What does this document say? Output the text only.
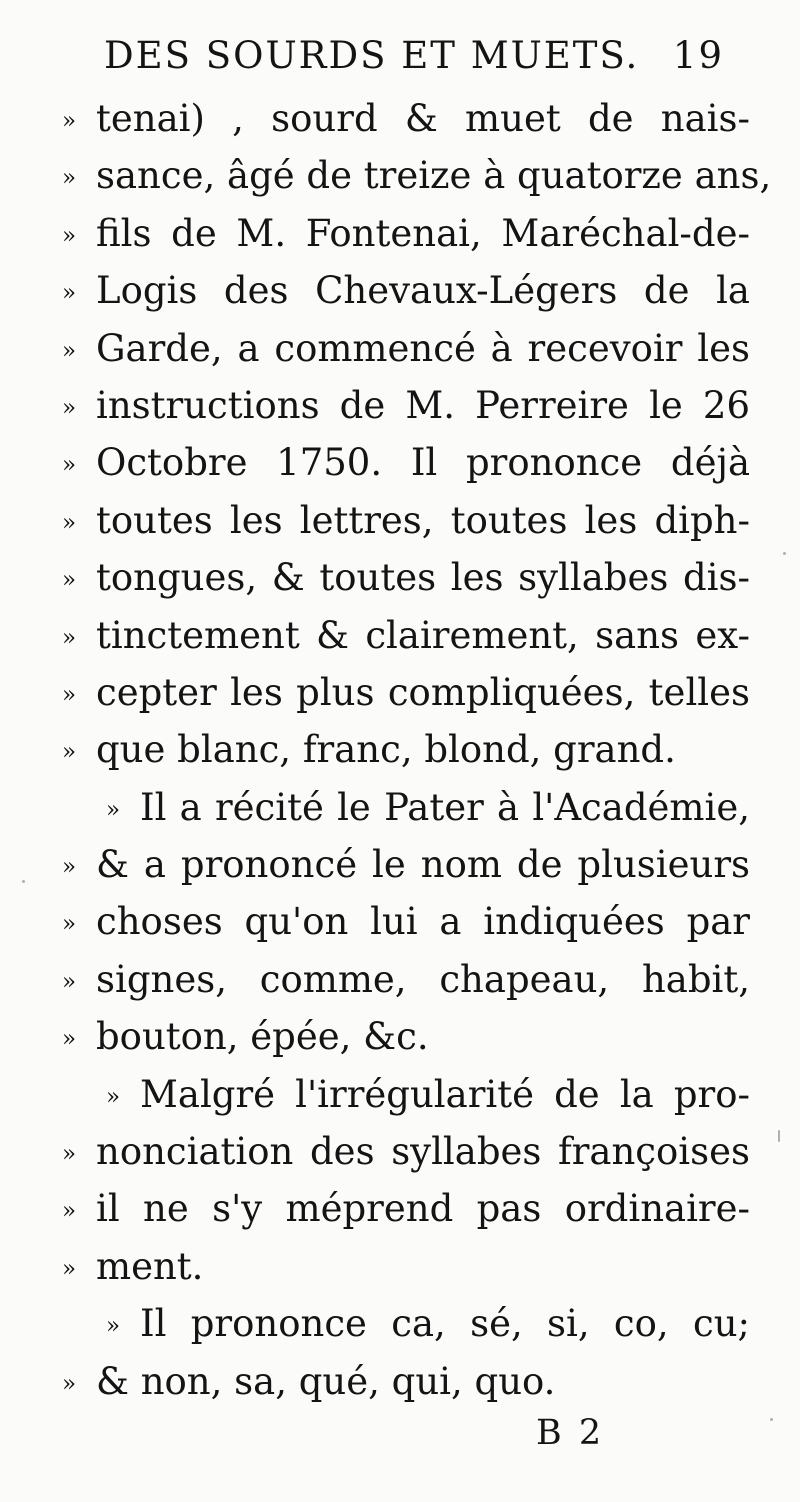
DES SOURDS ET MUETS. 19
» tenai) , sourd & muet de nais-
» sance, âgé de treize à quatorze ans,
» fils de M. Fontenai, Maréchal-de-
» Logis des Chevaux-Légers de la
» Garde, a commencé à recevoir les
» instructions de M. Perreire le 26
» Octobre 1750. Il prononce déjà
» toutes les lettres, toutes les diph-
» tongues, & toutes les syllabes dis-
» tinctement & clairement, sans ex-
» cepter les plus compliquées, telles
» que blanc, franc, blond, grand.
» Il a récité le Pater à l'Académie,
» & a prononcé le nom de plusieurs
» choses qu'on lui a indiquées par
» signes, comme, chapeau, habit,
» bouton, épée, &c.
» Malgré l'irrégularité de la pro-
» nonciation des syllabes françoises
» il ne s'y méprend pas ordinaire-
» ment.
» Il prononce ca, sé, si, co, cu;
» & non, sa, qué, qui, quo.
B 2
